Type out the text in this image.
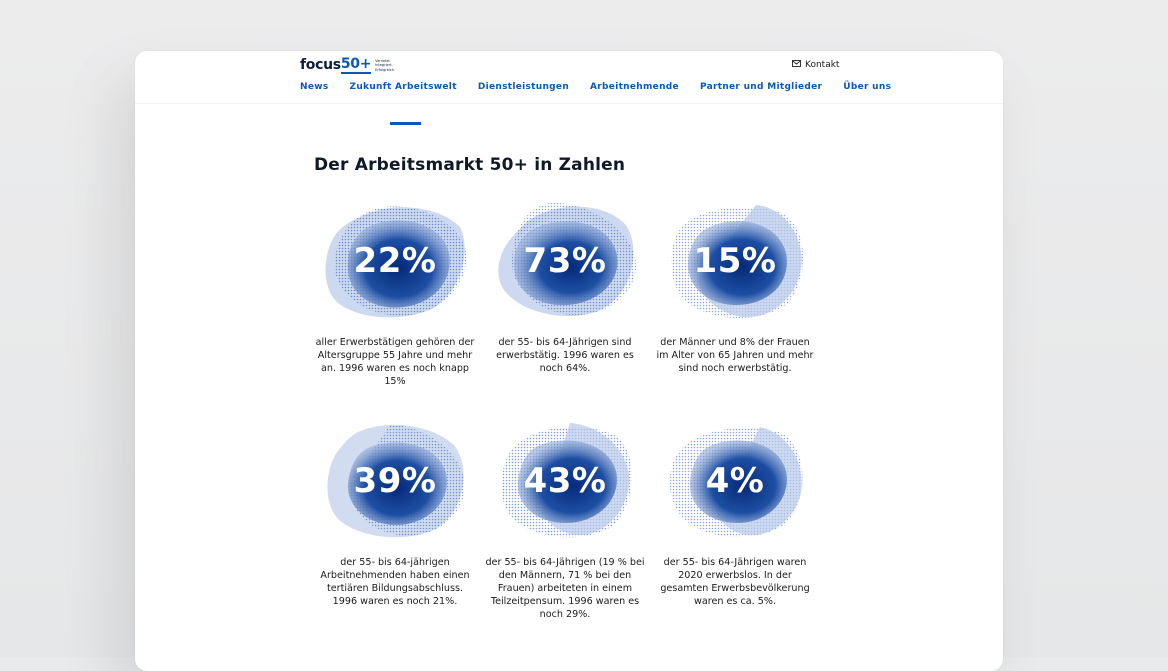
focus 50+ Vernetzt.
Integriert.
Erfolgreich.	Kontakt
News Zukunft Arbeitswelt Dienstleistungen Arbeitnehmende Partner und Mitglieder Über uns
Der Arbeitsmarkt 50+ in Zahlen
22%

aller Erwerbstätigen gehören der Altersgruppe 55 Jahre und mehr an. 1996 waren es noch knapp 15%

73%

der 55- bis 64-Jährigen sind erwerbstätig. 1996 waren es noch 64%.

15%

der Männer und 8% der Frauen im Alter von 65 Jahren und mehr sind noch erwerbstätig.

39%

der 55- bis 64-jährigen Arbeitnehmenden haben einen tertiären Bildungsabschluss. 1996 waren es noch 21%.

43%

der 55- bis 64-Jährigen (19 % bei den Männern, 71 % bei den Frauen) arbeiteten in einem Teilzeitpensum. 1996 waren es noch 29%.

4%

der 55- bis 64-Jährigen waren 2020 erwerbslos. In der gesamten Erwerbsbevölkerung waren es ca. 5%.
